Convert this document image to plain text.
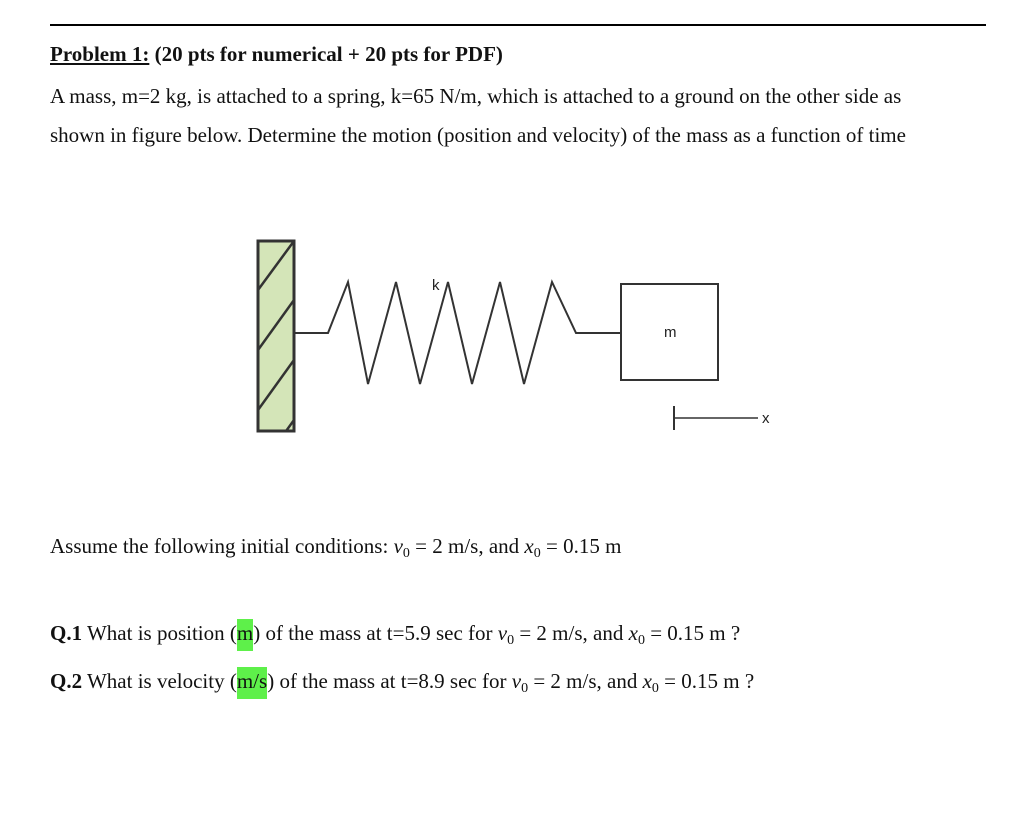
Problem 1: (20 pts for numerical + 20 pts for PDF)
A mass, m=2 kg, is attached to a spring, k=65 N/m, which is attached to a ground on the other side as
shown in figure below. Determine the motion (position and velocity) of the mass as a function of time
k
m
x
Assume the following initial conditions: $v_0 = 2$ m/s, and $x_0 = 0.15$ m
Q.1 What is position (m) of the mass at t=5.9 sec for $v_0 = 2$ m/s, and $x_0 = 0.15$ m ?
Q.2 What is velocity (m/s) of the mass at t=8.9 sec for $v_0 = 2$ m/s, and $x_0 = 0.15$ m ?
